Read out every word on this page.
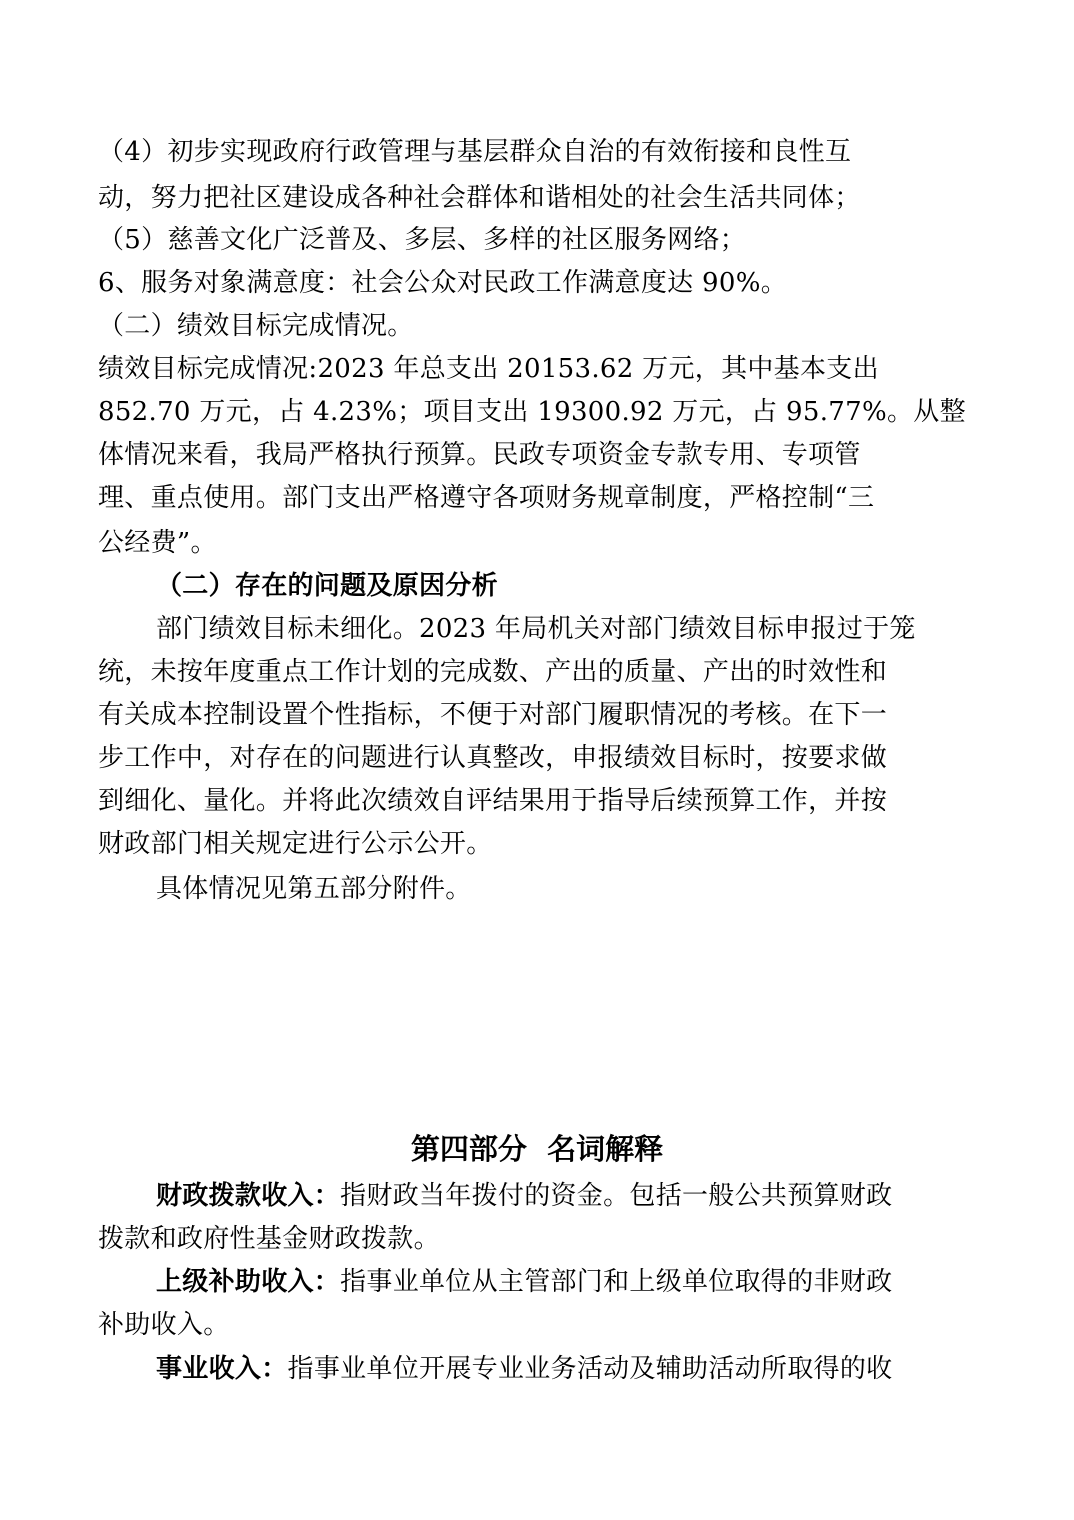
（4）初步实现政府行政管理与基层群众自治的有效衔接和良性互
动，努力把社区建设成各种社会群体和谐相处的社会生活共同体；
（5）慈善文化广泛普及、多层、多样的社区服务网络；
6、服务对象满意度：社会公众对民政工作满意度达 90%。
（二）绩效目标完成情况。
绩效目标完成情况:2023 年总支出 20153.62 万元，其中基本支出
852.70 万元，占 4.23%；项目支出 19300.92 万元，占 95.77%。从整
体情况来看，我局严格执行预算。民政专项资金专款专用、专项管
理、重点使用。部门支出严格遵守各项财务规章制度，严格控制“三
公经费”。
（二）存在的问题及原因分析
部门绩效目标未细化。2023 年局机关对部门绩效目标申报过于笼
统，未按年度重点工作计划的完成数、产出的质量、产出的时效性和
有关成本控制设置个性指标，不便于对部门履职情况的考核。在下一
步工作中，对存在的问题进行认真整改，申报绩效目标时，按要求做
到细化、量化。并将此次绩效自评结果用于指导后续预算工作，并按
财政部门相关规定进行公示公开。
具体情况见第五部分附件。
第四部分  名词解释
财政拨款收入：指财政当年拨付的资金。包括一般公共预算财政
拨款和政府性基金财政拨款。
上级补助收入：指事业单位从主管部门和上级单位取得的非财政
补助收入。
事业收入：指事业单位开展专业业务活动及辅助活动所取得的收
